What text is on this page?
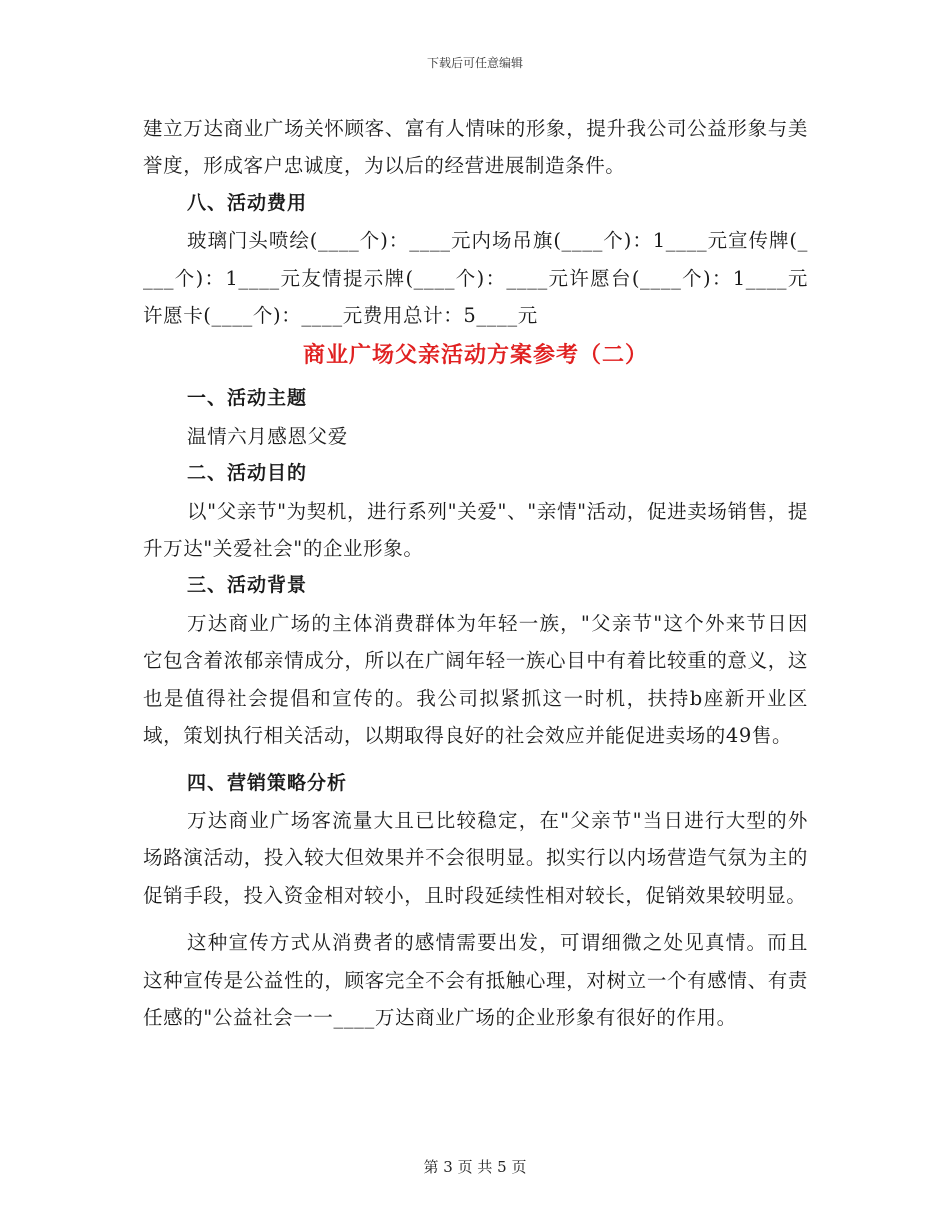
下载后可任意编辑

建立万达商业广场关怀顾客、富有人情味的形象，提升我公司公益形象与美誉度，形成客户忠诚度，为以后的经营进展制造条件。

八、活动费用

玻璃门头喷绘(____个)：____元内场吊旗(____个)：1____元宣传牌(____个)：1____元友情提示牌(____个)：____元许愿台(____个)：1____元许愿卡(____个)：____元费用总计：5____元

商业广场父亲活动方案参考（二）

一、活动主题

温情六月感恩父爱

二、活动目的

以"父亲节"为契机，进行系列"关爱"、"亲情"活动，促进卖场销售，提升万达"关爱社会"的企业形象。

三、活动背景

万达商业广场的主体消费群体为年轻一族，"父亲节"这个外来节日因它包含着浓郁亲情成分，所以在广阔年轻一族心目中有着比较重的意义，这也是值得社会提倡和宣传的。我公司拟紧抓这一时机，扶持b座新开业区域，策划执行相关活动，以期取得良好的社会效应并能促进卖场的49售。

四、营销策略分析

万达商业广场客流量大且已比较稳定，在"父亲节"当日进行大型的外场路演活动，投入较大但效果并不会很明显。拟实行以内场营造气氛为主的促销手段，投入资金相对较小，且时段延续性相对较长，促销效果较明显。

这种宣传方式从消费者的感情需要出发，可谓细微之处见真情。而且这种宣传是公益性的，顾客完全不会有抵触心理，对树立一个有感情、有责任感的"公益社会一一____万达商业广场的企业形象有很好的作用。

第 3 页 共 5 页
